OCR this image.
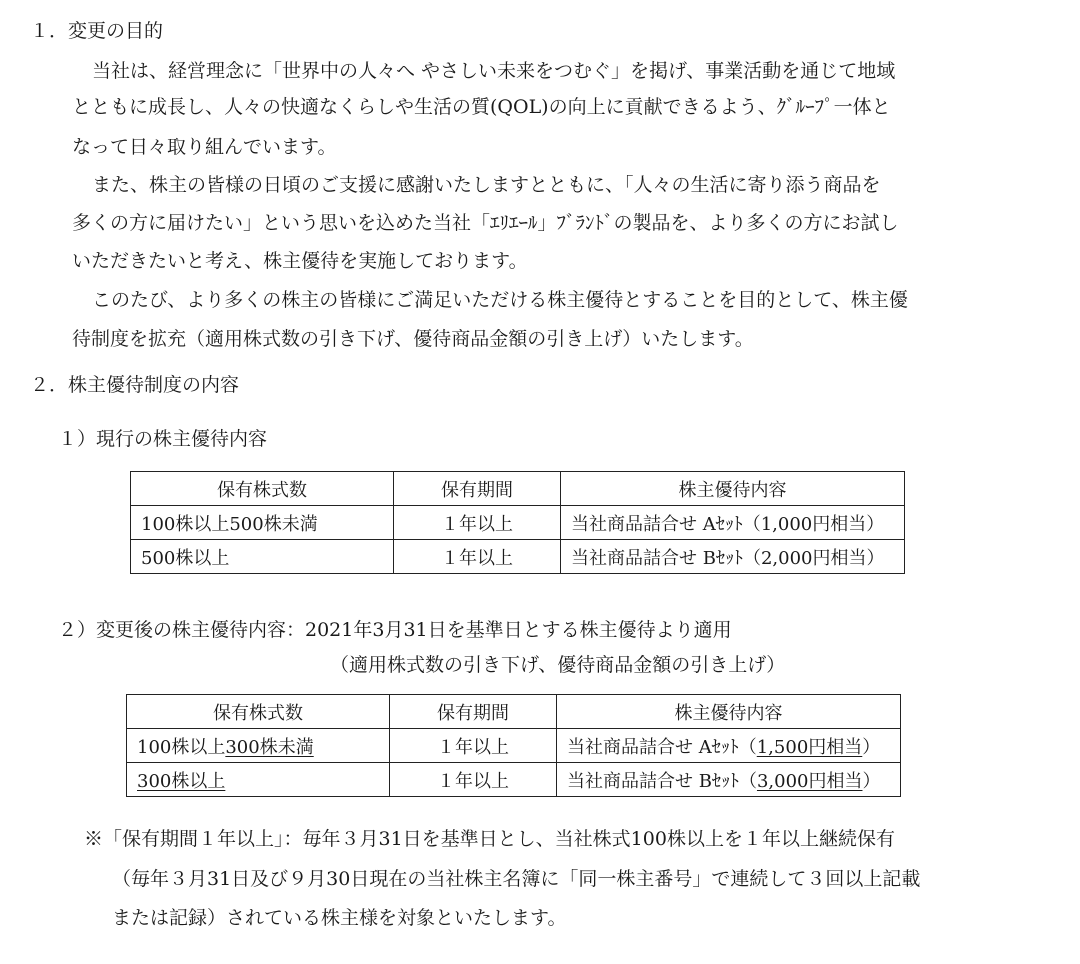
１．変更の目的

当社は、経営理念に「世界中の人々へ やさしい未来をつむぐ」を掲げ、事業活動を通じて地域

とともに成長し、人々の快適なくらしや生活の質(QOL)の向上に貢献できるよう、ｸﾞﾙｰﾌﾟ一体と

なって日々取り組んでいます。

また、株主の皆様の日頃のご支援に感謝いたしますとともに、「人々の生活に寄り添う商品を

多くの方に届けたい」という思いを込めた当社「ｴﾘｴｰﾙ」ﾌﾞﾗﾝﾄﾞの製品を、より多くの方にお試し

いただきたいと考え、株主優待を実施しております。

このたび、より多くの株主の皆様にご満足いただける株主優待とすることを目的として、株主優

待制度を拡充（適用株式数の引き下げ、優待商品金額の引き上げ）いたします。

２．株主優待制度の内容

１）現行の株主優待内容

保有株式数	保有期間	株主優待内容
100株以上500株未満	１年以上	当社商品詰合せ Aｾｯﾄ（1,000円相当）
500株以上	１年以上	当社商品詰合せ Bｾｯﾄ（2,000円相当）

２）変更後の株主優待内容：2021年3月31日を基準日とする株主優待より適用

（適用株式数の引き下げ、優待商品金額の引き上げ）

保有株式数	保有期間	株主優待内容
100株以上300株未満	１年以上	当社商品詰合せ Aｾｯﾄ（1,500円相当）
300株以上	１年以上	当社商品詰合せ Bｾｯﾄ（3,000円相当）

※「保有期間１年以上」：毎年３月31日を基準日とし、当社株式100株以上を１年以上継続保有

（毎年３月31日及び９月30日現在の当社株主名簿に「同一株主番号」で連続して３回以上記載

または記録）されている株主様を対象といたします。
